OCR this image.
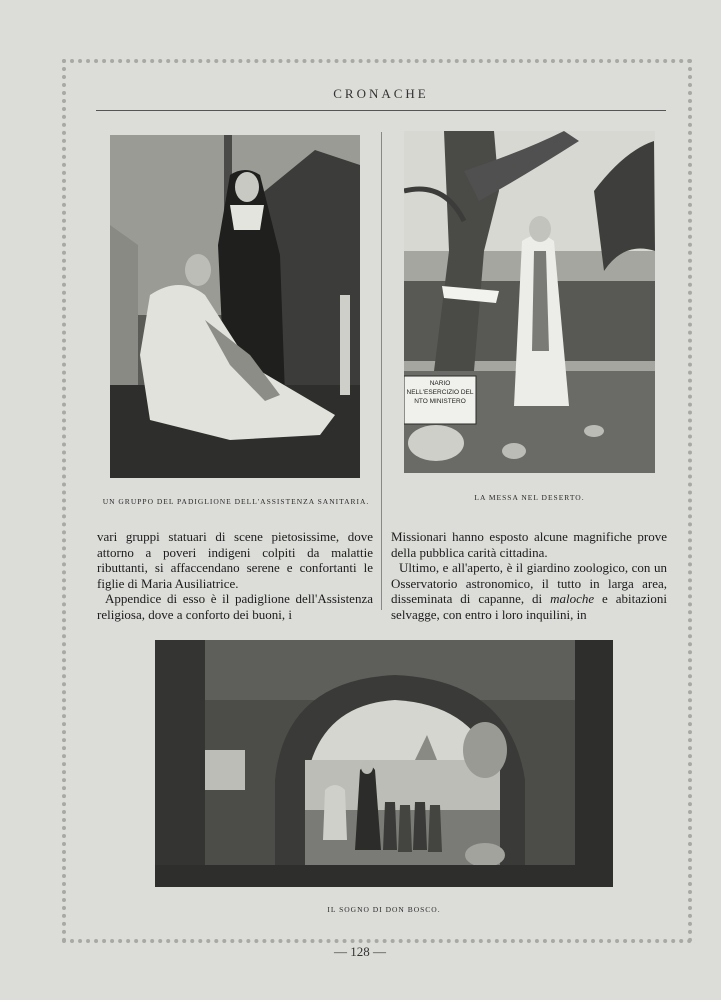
CRONACHE
UN GRUPPO DEL PADIGLIONE DELL'ASSISTENZA SANITARIA.
NARIO NELL'ESERCIZIO DEL NTO MINISTERO
LA MESSA NEL DESERTO.

vari gruppi statuari di scene pietosissime, dove attorno a poveri indigeni colpiti da malattie ributtanti, si affaccendano serene e confortanti le figlie di Maria Ausiliatrice.

Appendice di esso è il padiglione dell'Assistenza religiosa, dove a conforto dei buoni, i

Missionari hanno esposto alcune magnifiche prove della pubblica carità cittadina.

Ultimo, e all'aperto, è il giardino zoologico, con un Osservatorio astronomico, il tutto in larga area, disseminata di capanne, di maloche e abitazioni selvagge, con entro i loro inquilini, in

IL SOGNO DI DON BOSCO.
— 128 —
